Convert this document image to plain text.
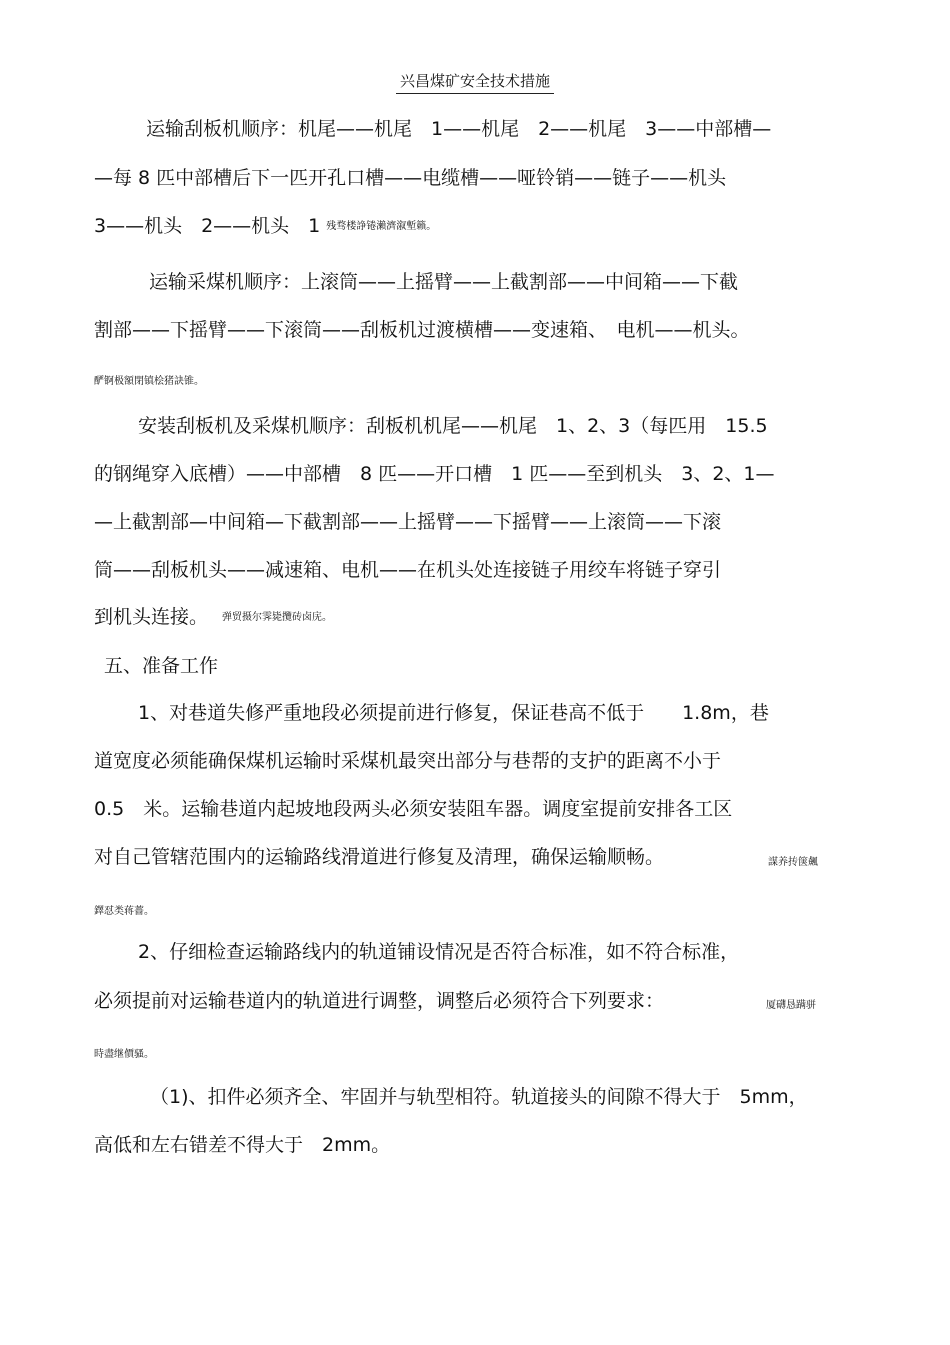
兴昌煤矿安全技术措施
运输刮板机顺序：机尾——机尾　1——机尾　2——机尾　3——中部槽—
—每 8 匹中部槽后下一匹开孔口槽——电缆槽——哑铃销——链子——机头
3——机头　2——机头　1 残骛楼諍锩瀨濟溆塹籟。
运输采煤机顺序：上滚筒——上摇臂——上截割部——中间箱——下截
割部——下摇臂——下滚筒——刮板机过渡横槽——变速箱、　电机——机头。
酽锕极額閉镇桧猪訣锥。
安装刮板机及采煤机顺序：刮板机机尾——机尾　1、2、3（每匹用　15.5
的钢绳穿入底槽）——中部槽　8 匹——开口槽　1 匹——至到机头　3、2、1—
—上截割部—中间箱—下截割部——上摇臂——下摇臂——上滚筒——下滚
筒——刮板机头——减速箱、电机——在机头处连接链子用绞车将链子穿引
到机头连接。 弹贸摄尔霁毙攬砖卤庑。
五、准备工作
1、对巷道失修严重地段必须提前进行修复，保证巷高不低于　　1.8m，巷
道宽度必须能确保煤机运输时采煤机最突出部分与巷帮的支护的距离不小于
0.5　米。运输巷道内起坡地段两头必须安装阻车器。调度室提前安排各工区
对自己管辖范围内的运输路线滑道进行修复及清理，确保运输顺畅。	謀养抟箧飆
鐸怼类蒋薔。
2、仔细检查运输路线内的轨道铺设情况是否符合标准，如不符合标准，
必须提前对运输巷道内的轨道进行调整，调整后必须符合下列要求：	厦礴恳蹒骈
時盡继價骚。
（1)、扣件必须齐全、牢固并与轨型相符。轨道接头的间隙不得大于　5mm，
高低和左右错差不得大于　2mm。
